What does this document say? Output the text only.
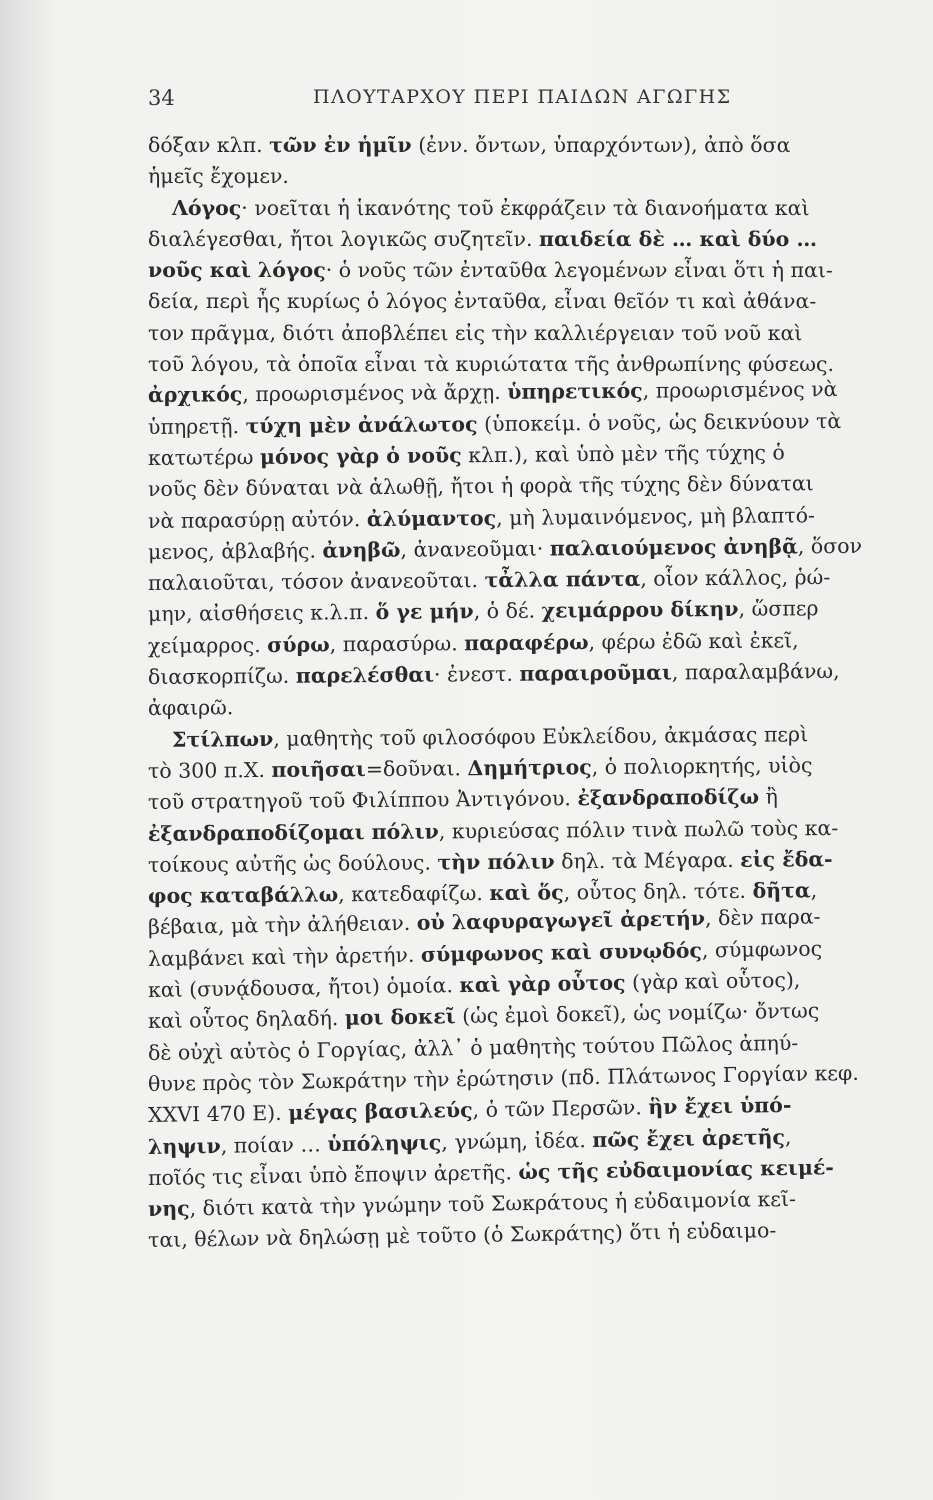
34	ΠΛΟΥΤΑΡΧΟΥ ΠΕΡΙ ΠΑΙΔΩΝ ΑΓΩΓΗΣ
δόξαν κλπ. τῶν ἐν ἡμῖν (ἐνν. ὄντων, ὑπαρχόντων), ἀπὸ ὅσα
ἡμεῖς ἔχομεν.
Λόγος· νοεῖται ἡ ἱκανότης τοῦ ἐκφράζειν τὰ διανοήματα καὶ
διαλέγεσθαι, ἤτοι λογικῶς συζητεῖν. παιδεία δὲ … καὶ δύο …
νοῦς καὶ λόγος· ὁ νοῦς τῶν ἐνταῦθα λεγομένων εἶναι ὅτι ἡ παι-
δεία, περὶ ἧς κυρίως ὁ λόγος ἐνταῦθα, εἶναι θεῖόν τι καὶ ἀθάνα-
τον πρᾶγμα, διότι ἀποβλέπει εἰς τὴν καλλιέργειαν τοῦ νοῦ καὶ
τοῦ λόγου, τὰ ὁποῖα εἶναι τὰ κυριώτατα τῆς ἀνθρωπίνης φύσεως.
ἀρχικός, προωρισμένος νὰ ἄρχῃ. ὑπηρετικός, προωρισμένος νὰ
ὑπηρετῇ. τύχη μὲν ἀνάλωτος (ὑποκείμ. ὁ νοῦς, ὡς δεικνύουν τὰ
κατωτέρω μόνος γὰρ ὁ νοῦς κλπ.), καὶ ὑπὸ μὲν τῆς τύχης ὁ
νοῦς δὲν δύναται νὰ ἁλωθῇ, ἤτοι ἡ φορὰ τῆς τύχης δὲν δύναται
νὰ παρασύρῃ αὐτόν. ἀλύμαντος, μὴ λυμαινόμενος, μὴ βλαπτό-
μενος, ἀβλαβής. ἀνηβῶ, ἀνανεοῦμαι· παλαιούμενος ἀνηβᾷ, ὅσον
παλαιοῦται, τόσον ἀνανεοῦται. τἆλλα πάντα, οἷον κάλλος, ῥώ-
μην, αἰσθήσεις κ.λ.π. ὅ γε μήν, ὁ δέ. χειμάρρου δίκην, ὥσπερ
χείμαρρος. σύρω, παρασύρω. παραφέρω, φέρω ἐδῶ καὶ ἐκεῖ,
διασκορπίζω. παρελέσθαι· ἐνεστ. παραιροῦμαι, παραλαμβάνω,
ἀφαιρῶ.
Στίλπων, μαθητὴς τοῦ φιλοσόφου Εὐκλείδου, ἀκμάσας περὶ
τὸ 300 π.Χ. ποιῆσαι=δοῦναι. Δημήτριος, ὁ πολιορκητής, υἱὸς
τοῦ στρατηγοῦ τοῦ Φιλίππου Ἀντιγόνου. ἐξανδραποδίζω ἢ
ἐξανδραποδίζομαι πόλιν, κυριεύσας πόλιν τινὰ πωλῶ τοὺς κα-
τοίκους αὐτῆς ὡς δούλους. τὴν πόλιν δηλ. τὰ Μέγαρα. εἰς ἔδα-
φος καταβάλλω, κατεδαφίζω. καὶ ὅς, οὗτος δηλ. τότε. δῆτα,
βέβαια, μὰ τὴν ἀλήθειαν. οὐ λαφυραγωγεῖ ἀρετήν, δὲν παρα-
λαμβάνει καὶ τὴν ἀρετήν. σύμφωνος καὶ συνῳδός, σύμφωνος
καὶ (συνᾴδουσα, ἤτοι) ὁμοία. καὶ γὰρ οὗτος (γὰρ καὶ οὗτος),
καὶ οὗτος δηλαδή. μοι δοκεῖ (ὡς ἐμοὶ δοκεῖ), ὡς νομίζω· ὄντως
δὲ οὐχὶ αὐτὸς ὁ Γοργίας, ἀλλ᾽ ὁ μαθητὴς τούτου Πῶλος ἀπηύ-
θυνε πρὸς τὸν Σωκράτην τὴν ἐρώτησιν (πδ. Πλάτωνος Γοργίαν κεφ.
XXVI 470 E). μέγας βασιλεύς, ὁ τῶν Περσῶν. ἣν ἔχει ὑπό-
ληψιν, ποίαν … ὑπόληψις, γνώμη, ἰδέα. πῶς ἔχει ἀρετῆς,
ποῖός τις εἶναι ὑπὸ ἔποψιν ἀρετῆς. ὡς τῆς εὐδαιμονίας κειμέ-
νης, διότι κατὰ τὴν γνώμην τοῦ Σωκράτους ἡ εὐδαιμονία κεῖ-
ται, θέλων νὰ δηλώσῃ μὲ τοῦτο (ὁ Σωκράτης) ὅτι ἡ εὐδαιμο-
